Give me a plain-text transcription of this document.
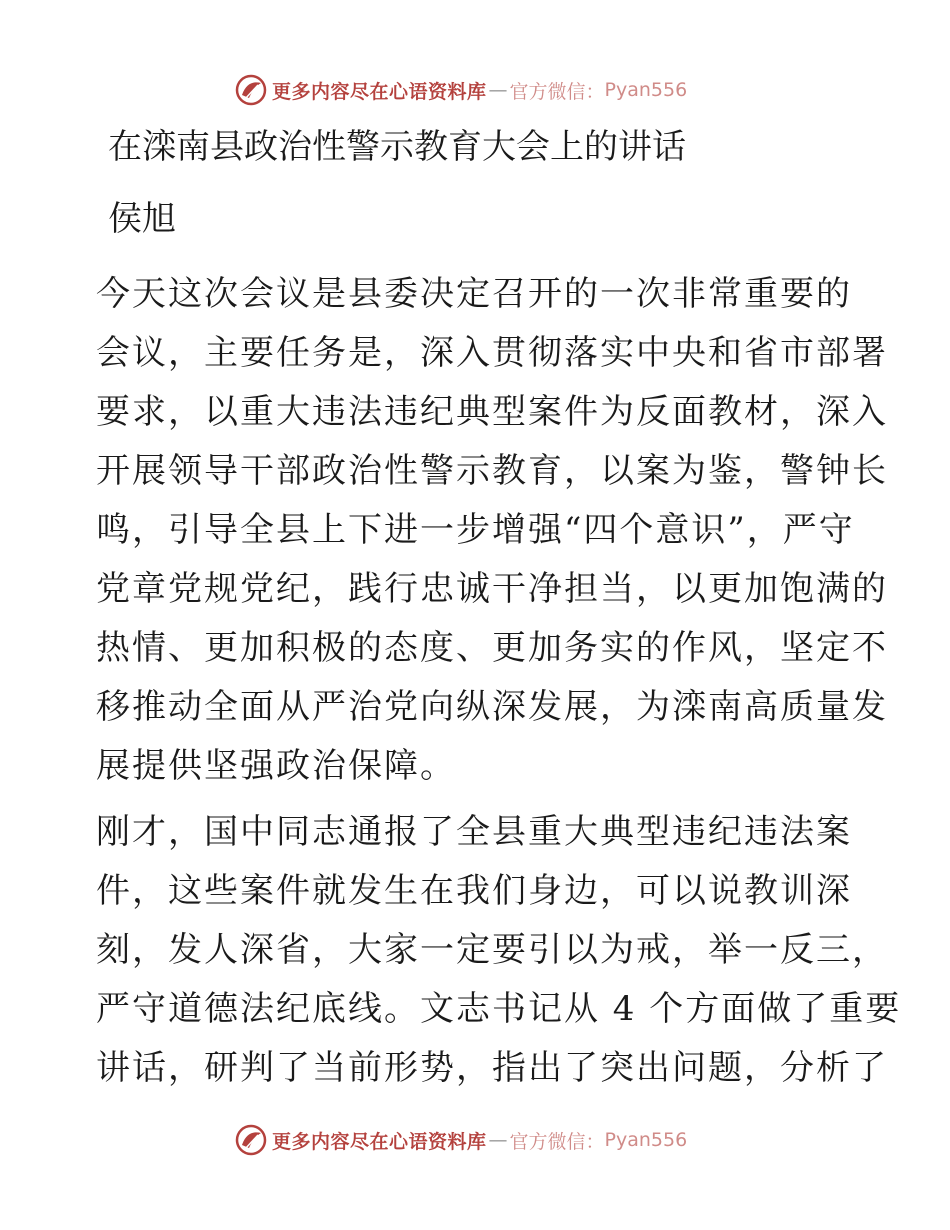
更多内容尽在心语资料库 — 官方微信： Pyan556
在滦南县政治性警示教育大会上的讲话
侯旭
今天这次会议是县委决定召开的一次非常重要的
会议，主要任务是，深入贯彻落实中央和省市部署
要求，以重大违法违纪典型案件为反面教材，深入
开展领导干部政治性警示教育，以案为鉴，警钟长
鸣，引导全县上下进一步增强“四个意识”，严守
党章党规党纪，践行忠诚干净担当，以更加饱满的
热情、更加积极的态度、更加务实的作风，坚定不
移推动全面从严治党向纵深发展，为滦南高质量发
展提供坚强政治保障。
刚才，国中同志通报了全县重大典型违纪违法案
件，这些案件就发生在我们身边，可以说教训深
刻，发人深省，大家一定要引以为戒，举一反三，
严守道德法纪底线。文志书记从 4 个方面做了重要
讲话，研判了当前形势，指出了突出问题，分析了
更多内容尽在心语资料库 — 官方微信： Pyan556
